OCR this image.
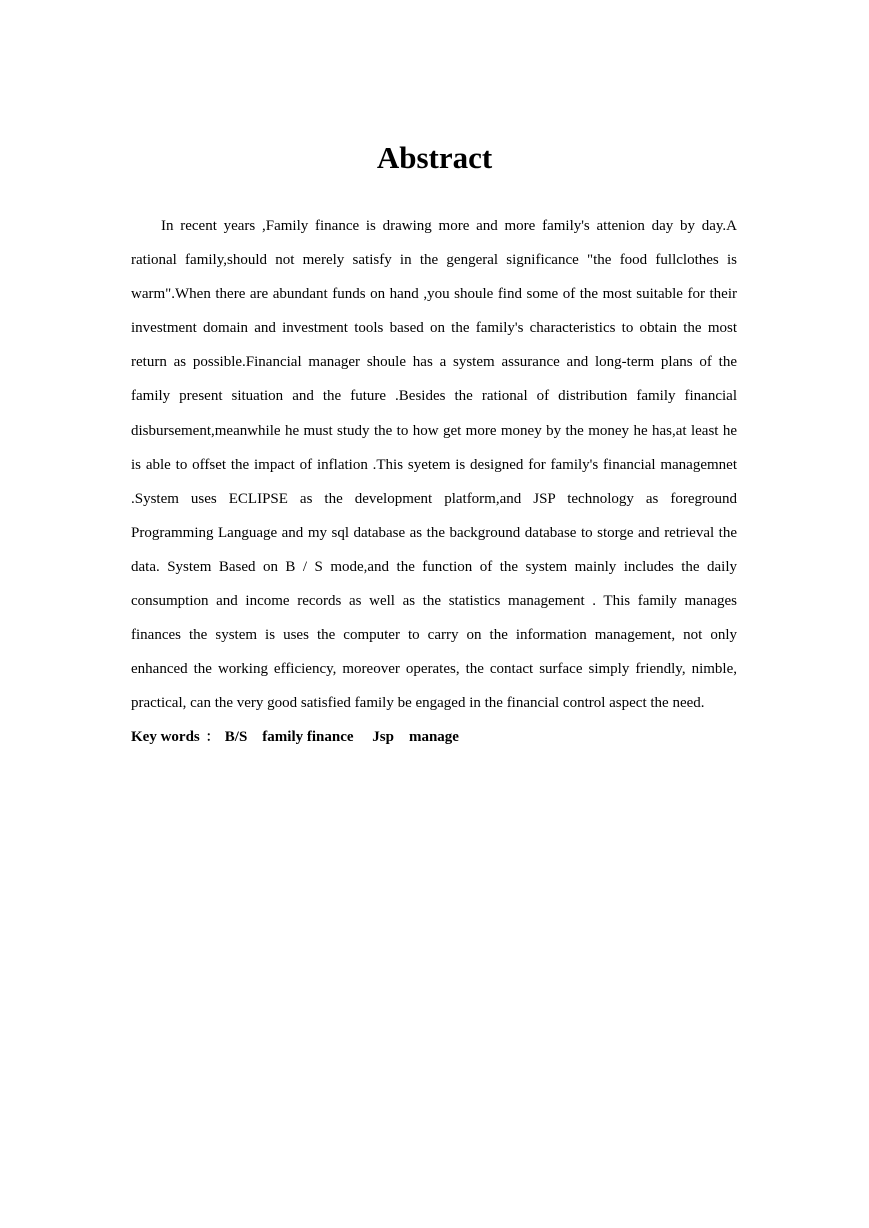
Abstract

In recent years ,Family finance is drawing more and more family's attenion day by day.A rational family,should not merely satisfy in the gengeral significance "the food fullclothes is warm".When there are abundant funds on hand ,you shoule find some of the most suitable for their investment domain and investment tools based on the family's characteristics to obtain the most return as possible.Financial manager shoule has a system assurance and long-term plans of the family present situation and the future .Besides the rational of distribution family financial disbursement,meanwhile he must study the to how get more money by the money he has,at least he is able to offset the impact of inflation .This syetem is designed for family's financial managemnet .System uses ECLIPSE as the development platform,and JSP technology as foreground Programming Language and my sql database as the background database to storge and retrieval the data. System Based on B / S mode,and the function of the system mainly includes the daily consumption and income records as well as the statistics management . This family manages finances the system is uses the computer to carry on the information management, not only enhanced the working efficiency, moreover operates, the contact surface simply friendly, nimble, practical, can the very good satisfied family be engaged in the financial control aspect the need.

Key words ： B/S family finance Jsp manage
